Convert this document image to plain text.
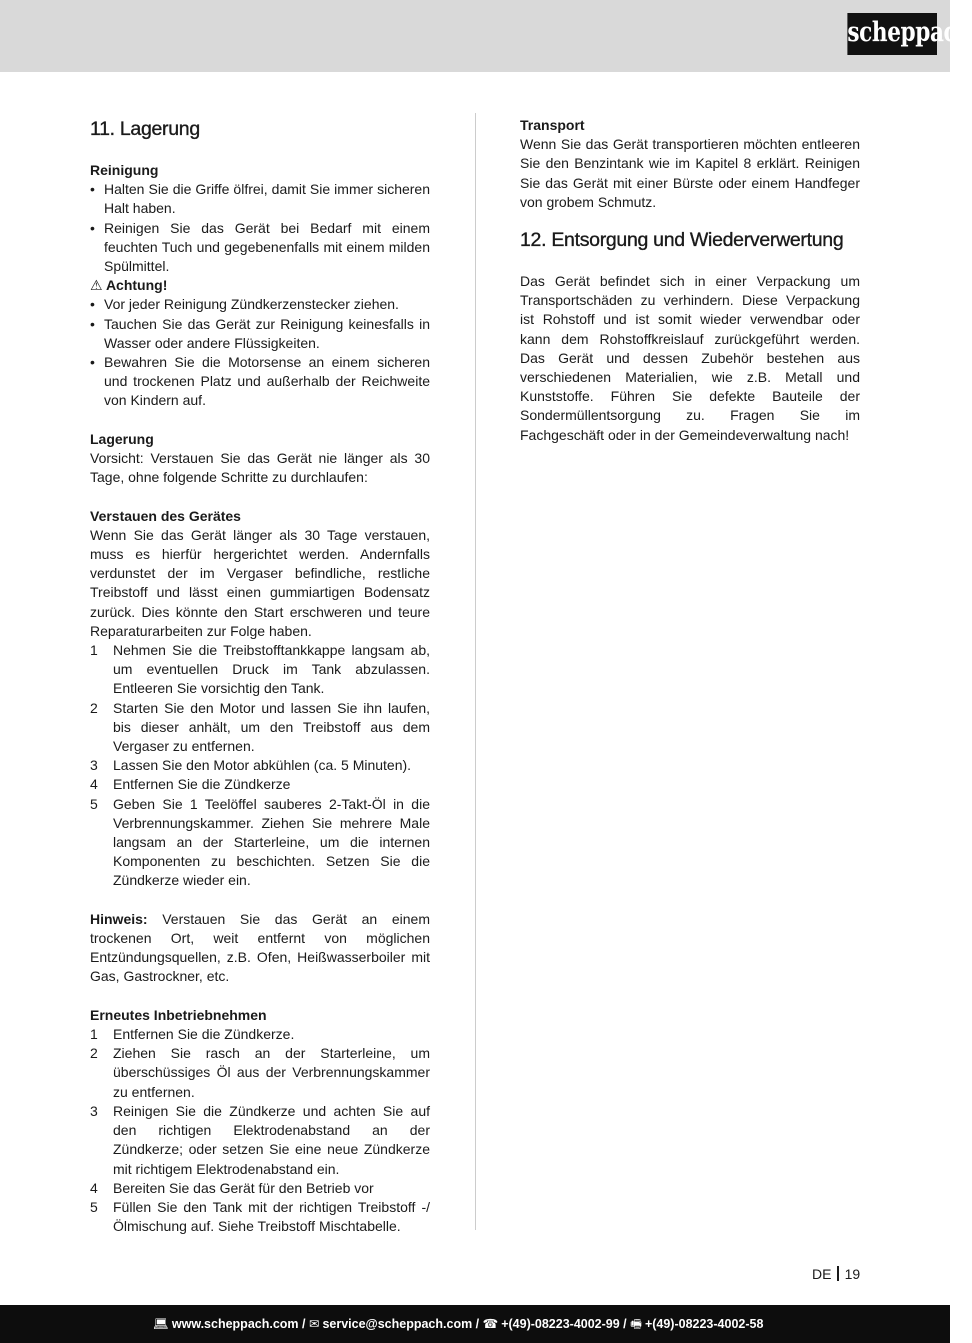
scheppach
11. Lagerung
Reinigung
• Halten Sie die Griffe ölfrei, damit Sie immer sicheren Halt haben.
• Reinigen Sie das Gerät bei Bedarf mit einem feuchten Tuch und gegebenenfalls mit einem milden Spülmittel.
⚠ Achtung!
• Vor jeder Reinigung Zündkerzenstecker ziehen.
• Tauchen Sie das Gerät zur Reinigung keinesfalls in Wasser oder andere Flüssigkeiten.
• Bewahren Sie die Motorsense an einem sicheren und trockenen Platz und außerhalb der Reichweite von Kindern auf.
Lagerung

Vorsicht: Verstauen Sie das Gerät nie länger als 30 Tage, ohne folgende Schritte zu durchlaufen:

Verstauen des Gerätes

Wenn Sie das Gerät länger als 30 Tage verstauen, muss es hierfür hergerichtet werden. Andernfalls verdunstet der im Vergaser befindliche, restliche Treibstoff und lässt einen gummiartigen Bodensatz zurück. Dies könnte den Start erschweren und teure Reparaturarbeiten zur Folge haben.

1 Nehmen Sie die Treibstofftankkappe langsam ab, um eventuellen Druck im Tank abzulassen. Entleeren Sie vorsichtig den Tank.
2 Starten Sie den Motor und lassen Sie ihn laufen, bis dieser anhält, um den Treibstoff aus dem Vergaser zu entfernen.
3 Lassen Sie den Motor abkühlen (ca. 5 Minuten).
4 Entfernen Sie die Zündkerze
5 Geben Sie 1 Teelöffel sauberes 2-Takt-Öl in die Verbrennungskammer. Ziehen Sie mehrere Male langsam an der Starterleine, um die internen Komponenten zu beschichten. Setzen Sie die Zündkerze wieder ein.

Hinweis: Verstauen Sie das Gerät an einem trockenen Ort, weit entfernt von möglichen Entzündungsquellen, z.B. Ofen, Heißwasserboiler mit Gas, Gastrockner, etc.

Erneutes Inbetriebnehmen
1 Entfernen Sie die Zündkerze.
2 Ziehen Sie rasch an der Starterleine, um überschüssiges Öl aus der Verbrennungskammer zu entfernen.
3 Reinigen Sie die Zündkerze und achten Sie auf den richtigen Elektrodenabstand an der Zündkerze; oder setzen Sie eine neue Zündkerze mit richtigem Elektrodenabstand ein.
4 Bereiten Sie das Gerät für den Betrieb vor
5 Füllen Sie den Tank mit der richtigen Treibstoff -/ Ölmischung auf. Siehe Treibstoff Mischtabelle.
Transport

Wenn Sie das Gerät transportieren möchten entleeren Sie den Benzintank wie im Kapitel 8 erklärt. Reinigen Sie das Gerät mit einer Bürste oder einem Handfeger von grobem Schmutz.

12. Entsorgung und Wiederverwertung

Das Gerät befindet sich in einer Verpackung um Transportschäden zu verhindern. Diese Verpackung ist Rohstoff und ist somit wieder verwendbar oder kann dem Rohstoffkreislauf zurückgeführt werden. Das Gerät und dessen Zubehör bestehen aus verschiedenen Materialien, wie z.B. Metall und Kunststoffe. Führen Sie defekte Bauteile der Sondermüllentsorgung zu. Fragen Sie im Fachgeschäft oder in der Gemeindeverwaltung nach!

DE 19
💻︎ www.scheppach.com / ✉︎ service@scheppach.com / ☎ +(49)-08223-4002-99 / 🖷︎ +(49)-08223-4002-58
